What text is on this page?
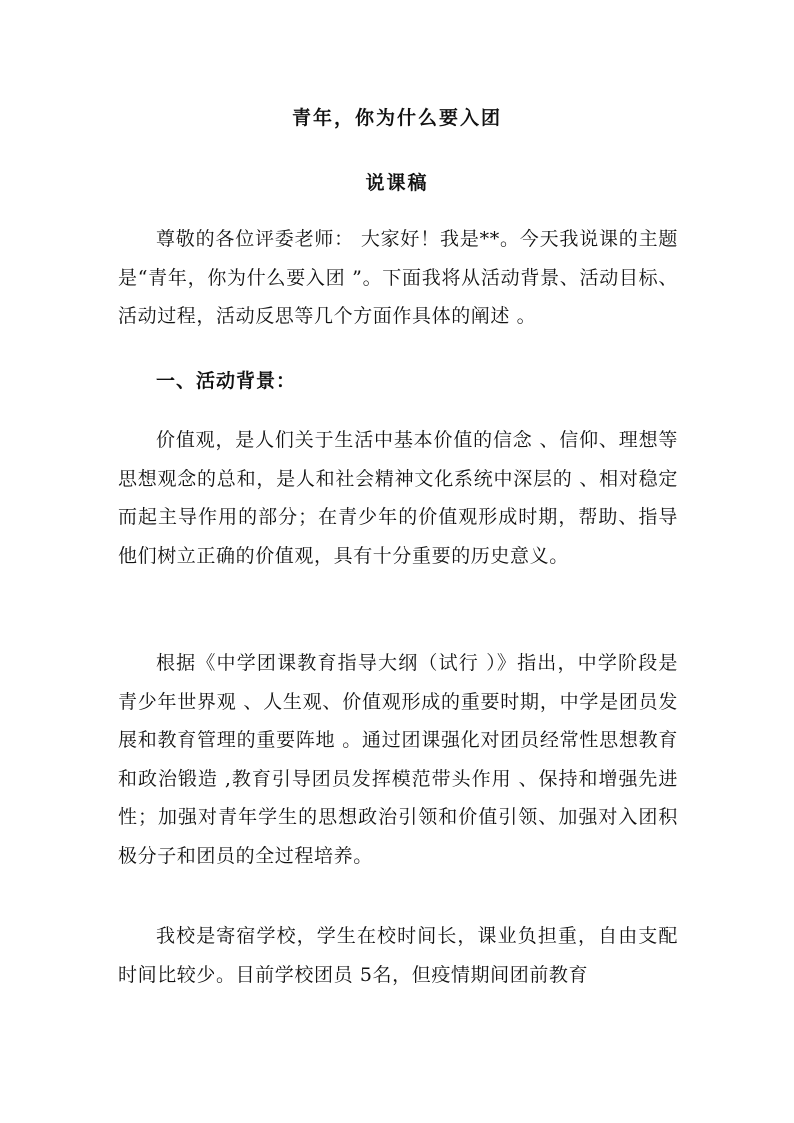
青年，你为什么要入团
说课稿

尊敬的各位评委老师： 大家好！我是**。今天我说课的主题是“青年，你为什么要入团 ”。下面我将从活动背景、活动目标、活动过程，活动反思等几个方面作具体的阐述 。

一、活动背景：

价值观，是人们关于生活中基本价值的信念 、信仰、理想等思想观念的总和，是人和社会精神文化系统中深层的 、相对稳定而起主导作用的部分；在青少年的价值观形成时期，帮助、指导他们树立正确的价值观，具有十分重要的历史意义。

根据《中学团课教育指导大纲（试行 ）》指出，中学阶段是青少年世界观 、人生观、价值观形成的重要时期，中学是团员发展和教育管理的重要阵地 。通过团课强化对团员经常性思想教育和政治锻造 ,教育引导团员发挥模范带头作用 、保持和增强先进性；加强对青年学生的思想政治引领和价值引领、加强对入团积极分子和团员的全过程培养。

我校是寄宿学校，学生在校时间长，课业负担重，自由支配时间比较少。目前学校团员 5名，但疫情期间团前教育
